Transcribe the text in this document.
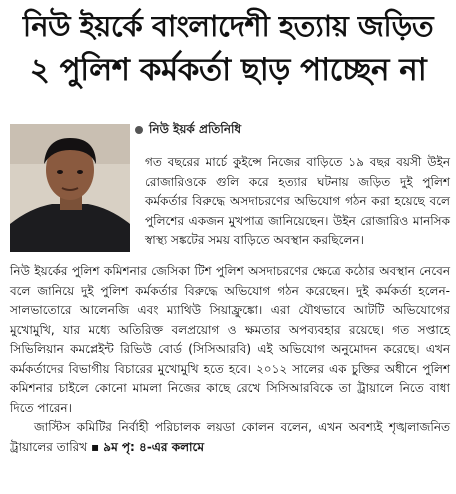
নিউ ইয়র্কে বাংলাদেশী হত্যায় জড়িত
২ পুলিশ কর্মকর্তা ছাড় পাচ্ছেন না
নিউ ইয়র্ক প্রতিনিধি
গত বছরের মার্চে কুইন্সে নিজের বাড়িতে ১৯ বছর বয়সী উইন রোজারিওকে গুলি করে হত্যার ঘটনায় জড়িত দুই পুলিশ কর্মকর্তার বিরুদ্ধে অসদাচরণের অভিযোগ গঠন করা হয়েছে বলে পুলিশের একজন মুখপাত্র জানিয়েছেন। উইন রোজারিও মানসিক স্বাস্থ্য সঙ্কটের সময় বাড়িতে অবস্থান করছিলেন।
নিউ ইয়র্কের পুলিশ কমিশনার জেসিকা টিশ পুলিশ অসদাচরণের ক্ষেত্রে কঠোর অবস্থান নেবেন বলে জানিয়ে দুই পুলিশ কর্মকর্তার বিরুদ্ধে অভিযোগ গঠন করেছেন। দুই কর্মকর্তা হলেন- সালভাতোরে আলেনজি এবং ম্যাথিউ সিয়াফ্রুঙ্কো। এরা যৌথভাবে আটটি অভিযোগের মুখোমুখি, যার মধ্যে অতিরিক্ত বলপ্রয়োগ ও ক্ষমতার অপব্যবহার রয়েছে। গত সপ্তাহে সিভিলিয়ান কমপ্লেইন্ট রিভিউ বোর্ড (সিসিআরবি) এই অভিযোগ অনুমোদন করেছে। এখন কর্মকর্তাদের বিভাগীয় বিচারের মুখোমুখি হতে হবে। ২০১২ সালের এক চুক্তির অধীনে পুলিশ কমিশনার চাইলে কোনো মামলা নিজের কাছে রেখে সিসিআরবিকে তা ট্রায়ালে নিতে বাধা দিতে পারেন।
জাস্টিস কমিটির নির্বাহী পরিচালক লয়ডা কোলন বলেন, এখন অবশ্যই শৃঙ্খলাজনিত ট্রায়ালের তারিখ ▪ ৯ম পৃ: ৪-এর কলামে
